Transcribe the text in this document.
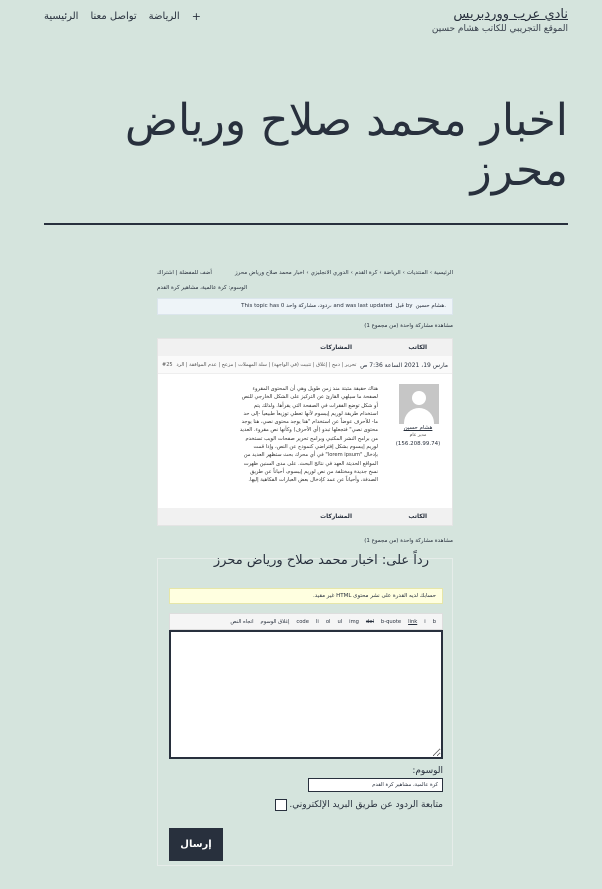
نادي عرب ووردبريس
الموقع التجريبي للكاتب هشام حسين
الرئيسية تواصل معنا الرياضة +
اخبار محمد صلاح ورياض محرز
الرئيسية›المنتديات›الرياضة›كرة القدم›الدوري الانجليزي›اخبار محمد صلاح ورياض محرز
أضف للمفضلة | اشتراك
الوسوم: كرة عالمية، مشاهير كرة القدم
This topic has 0 ردود، مشاركة واحد، and was last updated قبل by هشام حسين.
مشاهدة مشاركة واحدة (من مجموع 1)
الكاتب
المشاركات
مارس 19، 2021 الساعة 7:36 ص
تحرير | دمج | إغلاق | تثبيت (في الواجهة) | سلة المهملات | مزعج | عدم الموافقة | الرد
#25
هشام حسين
مدير عام
(156.208.99.74)
هناك حقيقة مثبتة منذ زمن طويل وهي أن المحتوى المقروء لصفحة ما سيلهي القارئ عن التركيز على الشكل الخارجي للنص أو شكل توضع الفقرات في الصفحة التي يقرأها. ولذلك يتم استخدام طريقة لوريم إيبسوم لأنها تعطي توزيعاَ طبيعياَ -إلى حد ما- للأحرف عوضاً عن استخدام "هنا يوجد محتوى نصي، هنا يوجد محتوى نصي" فتجعلها تبدو (أي الأحرف) وكأنها نص مقروء. العديد من برامح النشر المكتبي وبرامح تحرير صفحات الويب تستخدم لوريم إيبسوم بشكل إفتراضي كنموذج عن النص، وإذا قمت بإدخال "lorem ipsum" في أي محرك بحث ستظهر العديد من المواقع الحديثة العهد في نتائج البحث. على مدى السنين ظهرت نسخ جديدة ومختلفة من نص لوريم إيبسوم، أحياناً عن طريق الصدفة، وأحياناً عن عمد كإدخال بعض العبارات الفكاهية إليها.
الكاتب
المشاركات
مشاهدة مشاركة واحدة (من مجموع 1)
رداً على: اخبار محمد صلاح ورياض محرز
حسابك لديه القدرة على نشر محتوى HTML غير مقيد.
b
i
link
b-quote
del
img
ul
ol
li
code
إغلاق الوسوم
اتجاه النص
الوسوم:
كرة عالمية، مشاهير كرة القدم
متابعة الردود عن طريق البريد الإلكتروني.
إرسال
